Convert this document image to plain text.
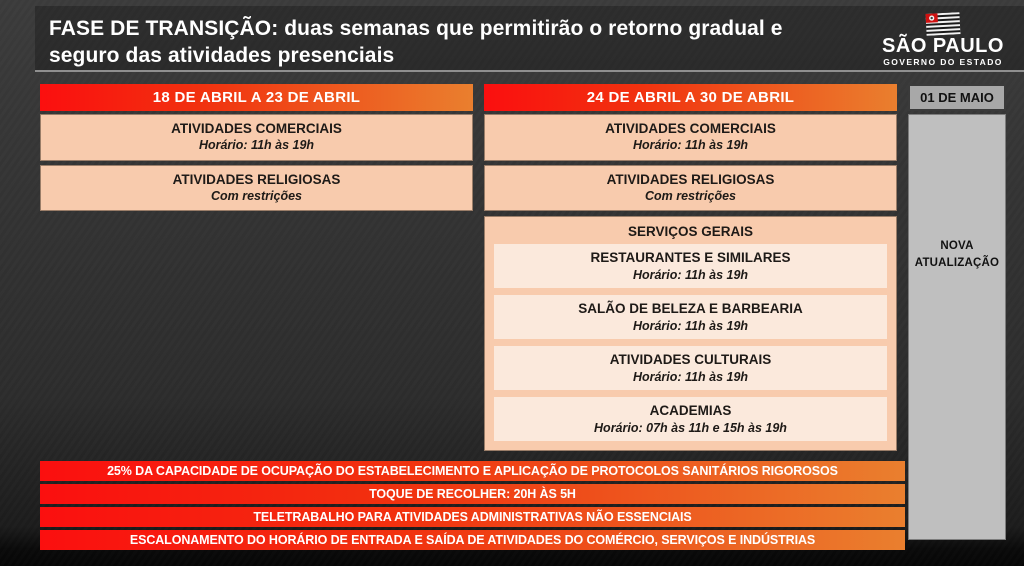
FASE DE TRANSIÇÃO: duas semanas que permitirão o retorno gradual e
seguro das atividades presenciais	SÃO PAULO
GOVERNO DO ESTADO
18 DE ABRIL A 23 DE ABRIL	24 DE ABRIL A 30 DE ABRIL	01 DE MAIO
ATIVIDADES COMERCIAIS
Horário: 11h às 19h
ATIVIDADES RELIGIOSAS
Com restrições
ATIVIDADES COMERCIAIS
Horário: 11h às 19h
ATIVIDADES RELIGIOSAS
Com restrições
SERVIÇOS GERAIS
RESTAURANTES E SIMILARES
Horário: 11h às 19h
SALÃO DE BELEZA E BARBEARIA
Horário: 11h às 19h
ATIVIDADES CULTURAIS
Horário: 11h às 19h
ACADEMIAS
Horário: 07h às 11h e 15h às 19h
NOVA
ATUALIZAÇÃO
25% DA CAPACIDADE DE OCUPAÇÃO DO ESTABELECIMENTO E APLICAÇÃO DE PROTOCOLOS SANITÁRIOS RIGOROSOS
TOQUE DE RECOLHER: 20H ÀS 5H
TELETRABALHO PARA ATIVIDADES ADMINISTRATIVAS NÃO ESSENCIAIS
ESCALONAMENTO DO HORÁRIO DE ENTRADA E SAÍDA DE ATIVIDADES DO COMÉRCIO, SERVIÇOS E INDÚSTRIAS
